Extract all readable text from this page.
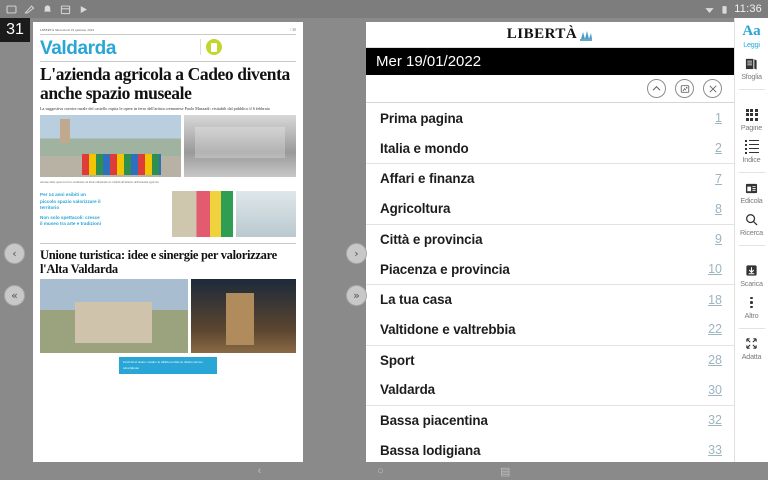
11:36
31	LIBERTÀ Mercoledì 19 gennaio 2022	/ 30
Valdarda
L'azienda agricola a Cadeo diventa anche spazio museale
La suggestiva cornice rurale del castello ospita le opere in ferro dell'artista cremonese Paolo Mazzadi: visitabili dal pubblico il 6 febbraio
Alcune delle opere in ferro realizzate da Paolo Mazzadi ora visibili all'interno dell'azienda agricola
Per 14 anni esibiti un piccolo spazio valorizzare il territorio
Non solo spettacoli: cresce il museo tra arte e tradizioni
Unione turistica: idee e sinergie per valorizzare l'Alta Valdarda
Iscriviti al nostro canale: le ultime notizie in diretta sul tuo smartphone
‹
«
›
»
LIBERTÀ
Mer 19/01/2022
Prima pagina	1
Italia e mondo	2
Affari e finanza	7
Agricoltura	8
Città e provincia	9
Piacenza e provincia	10
La tua casa	18
Valtidone e valtrebbia	22
Sport	28
Valdarda	30
Bassa piacentina	32
Bassa lodigiana	33
Aa
Leggi
Sfoglia
Pagine
Indice
Edicola
Ricerca
Scarica
Altro
Adatta
‹	○	▤
